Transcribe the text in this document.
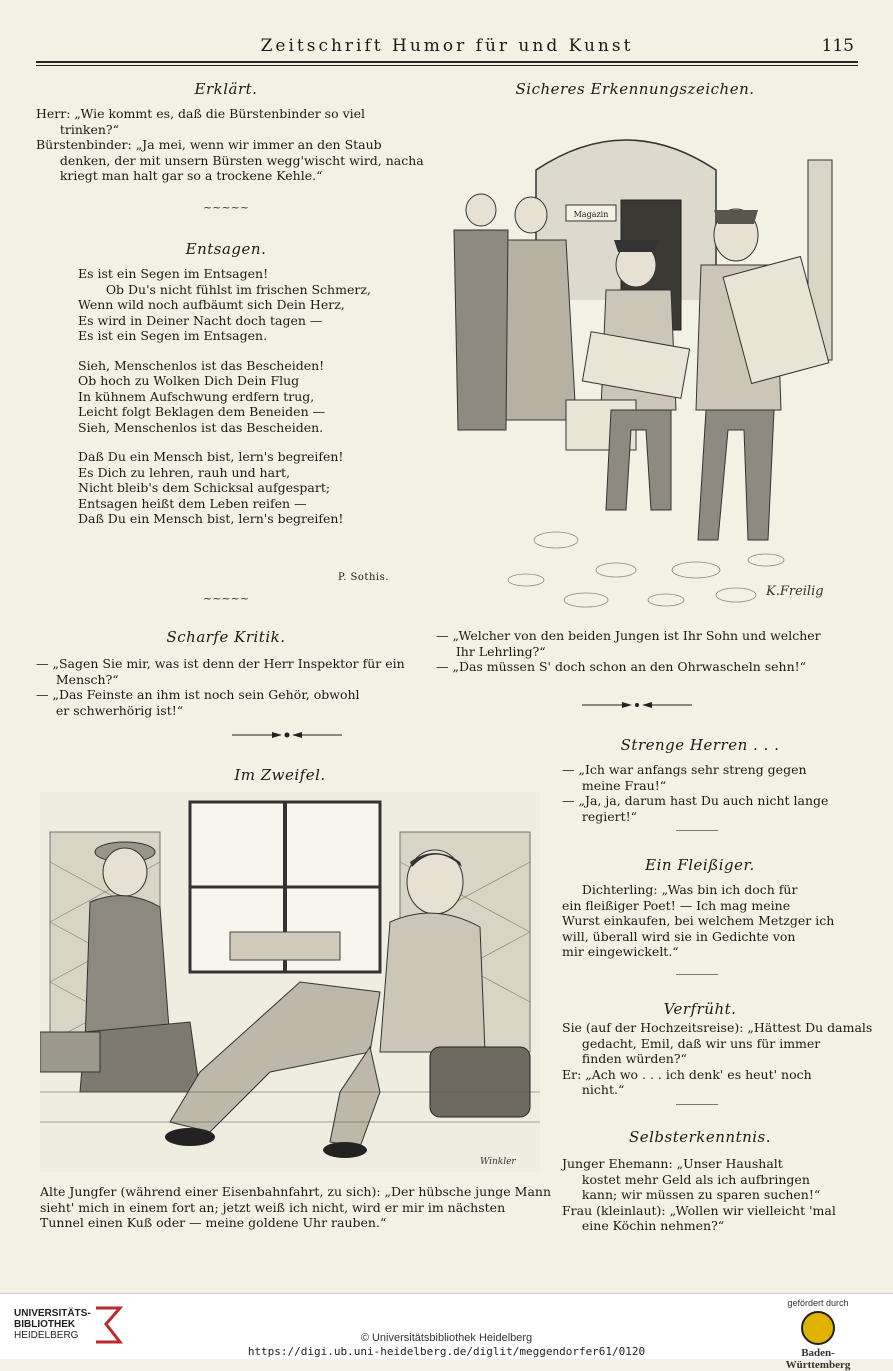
Zeitschrift Humor für und Kunst	115
Erklärt.
Herr: „Wie kommt es, daß die Bürstenbinder so viel
trinken?“
Bürstenbinder: „Ja mei, wenn wir immer an den Staub
denken, der mit unsern Bürsten wegg'wischt wird, nacha
kriegt man halt gar so a trockene Kehle.“
~~~~~
Entsagen.
Es ist ein Segen im Entsagen!
Ob Du's nicht fühlst im frischen Schmerz,
Wenn wild noch aufbäumt sich Dein Herz,
Es wird in Deiner Nacht doch tagen —
Es ist ein Segen im Entsagen.
Sieh, Menschenlos ist das Bescheiden!
Ob hoch zu Wolken Dich Dein Flug
In kühnem Aufschwung erdfern trug,
Leicht folgt Beklagen dem Beneiden —
Sieh, Menschenlos ist das Bescheiden.
Daß Du ein Mensch bist, lern's begreifen!
Es Dich zu lehren, rauh und hart,
Nicht bleib's dem Schicksal aufgespart;
Entsagen heißt dem Leben reifen —
Daß Du ein Mensch bist, lern's begreifen!
P. Sothis.
~~~~~
Scharfe Kritik.
— „Sagen Sie mir, was ist denn der Herr Inspektor für ein
Mensch?“
— „Das Feinste an ihm ist noch sein Gehör, obwohl
er schwerhörig ist!“
Im Zweifel.
Winkler
Alte Jungfer (während einer Eisenbahnfahrt, zu sich): „Der hübsche junge Mann
sieht' mich in einem fort an; jetzt weiß ich nicht, wird er mir im nächsten
Tunnel einen Kuß oder — meine goldene Uhr rauben.“
Sicheres Erkennungszeichen.
Magazin
K.Freilig
— „Welcher von den beiden Jungen ist Ihr Sohn und welcher
Ihr Lehrling?“
— „Das müssen S' doch schon an den Ohrwascheln sehn!“
Strenge Herren . . .
— „Ich war anfangs sehr streng gegen
meine Frau!“
— „Ja, ja, darum hast Du auch nicht lange
regiert!“
Ein Fleißiger.
Dichterling: „Was bin ich doch für
ein fleißiger Poet! — Ich mag meine
Wurst einkaufen, bei welchem Metzger ich
will, überall wird sie in Gedichte von
mir eingewickelt.“
Verfrüht.
Sie (auf der Hochzeitsreise): „Hättest Du damals
gedacht, Emil, daß wir uns für immer
finden würden?“
Er: „Ach wo . . . ich denk' es heut' noch
nicht.“
Selbsterkenntnis.
Junger Ehemann: „Unser Haushalt
kostet mehr Geld als ich aufbringen
kann; wir müssen zu sparen suchen!“
Frau (kleinlaut): „Wollen wir vielleicht 'mal
eine Köchin nehmen?“
UNIVERSITÄTS-
BIBLIOTHEK
HEIDELBERG	© Universitätsbibliothek Heidelberg
https://digi.ub.uni-heidelberg.de/diglit/meggendorfer61/0120
gefördert durch
Baden-Württemberg
